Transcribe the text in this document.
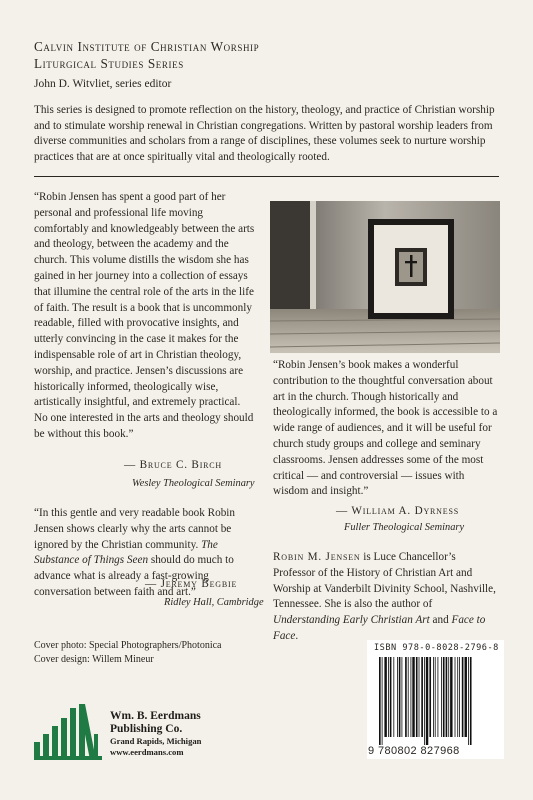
Calvin Institute of Christian Worship
Liturgical Studies Series
John D. Witvliet, series editor
This series is designed to promote reflection on the history, theology, and practice of Christian worship and to stimulate worship renewal in Christian congregations. Written by pastoral worship leaders from diverse communities and scholars from a range of disciplines, these volumes seek to nurture worship practices that are at once spiritually vital and theologically rooted.
“Robin Jensen has spent a good part of her personal and professional life moving comfortably and knowledgeably between the arts and theology, between the academy and the church. This volume distills the wisdom she has gained in her journey into a collection of essays that illumine the central role of the arts in the life of faith. The result is a book that is uncommonly readable, filled with provocative insights, and utterly convincing in the case it makes for the indispensable role of art in Christian theology, worship, and practice. Jensen’s discussions are historically informed, theologically wise, artistically insightful, and extremely practical. No one interested in the arts and theology should be without this book.”
— Bruce C. Birch
Wesley Theological Seminary
“In this gentle and very readable book Robin Jensen shows clearly why the arts cannot be ignored by the Christian community. The Substance of Things Seen should do much to advance what is already a fast-growing conversation between faith and art.”
— Jeremy Begbie
Ridley Hall, Cambridge
“Robin Jensen’s book makes a wonderful contribution to the thoughtful conversation about art in the church. Though historically and theologically informed, the book is accessible to a wide range of audiences, and it will be useful for church study groups and college and seminary classrooms. Jensen addresses some of the most critical — and controversial — issues with wisdom and insight.”
— William A. Dyrness
Fuller Theological Seminary
Robin M. Jensen is Luce Chancellor’s Professor of the History of Christian Art and Worship at Vanderbilt Divinity School, Nashville, Tennessee. She is also the author of Understanding Early Christian Art and Face to Face.
Cover photo: Special Photographers/Photonica
Cover design: Willem Mineur
Wm. B. Eerdmans
Publishing Co.
Grand Rapids, Michigan
www.eerdmans.com
ISBN 978-0-8028-2796-8
9 780802 827968
